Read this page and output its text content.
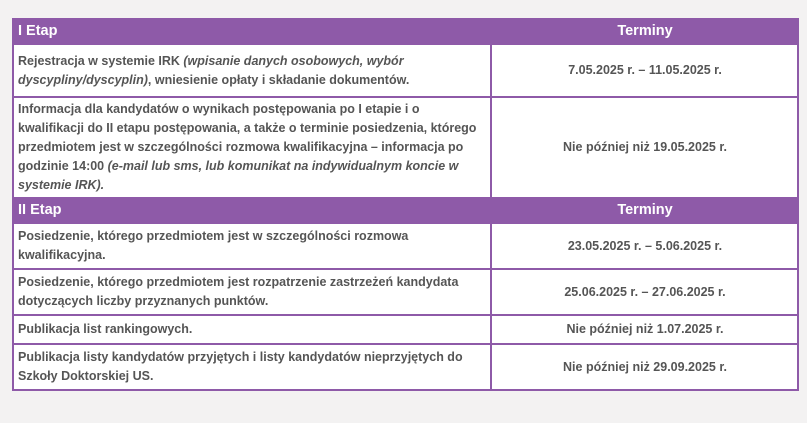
I Etap	Terminy
Rejestracja w systemie IRK (wpisanie danych osobowych, wybór dyscypliny/dyscyplin), wniesienie opłaty i składanie dokumentów.	7.05.2025 r. – 11.05.2025 r.
Informacja dla kandydatów o wynikach postępowania po I etapie i o kwalifikacji do II etapu postępowania, a także o terminie posiedzenia, którego przedmiotem jest w szczególności rozmowa kwalifikacyjna – informacja po godzinie 14:00 (e-mail lub sms, lub komunikat na indywidualnym koncie w systemie IRK).	Nie później niż 19.05.2025 r.
II Etap	Terminy
Posiedzenie, którego przedmiotem jest w szczególności rozmowa kwalifikacyjna.	23.05.2025 r. – 5.06.2025 r.
Posiedzenie, którego przedmiotem jest rozpatrzenie zastrzeżeń kandydata dotyczących liczby przyznanych punktów.	25.06.2025 r. – 27.06.2025 r.
Publikacja list rankingowych.	Nie później niż 1.07.2025 r.
Publikacja listy kandydatów przyjętych i listy kandydatów nieprzyjętych do Szkoły Doktorskiej US.	Nie później niż 29.09.2025 r.
